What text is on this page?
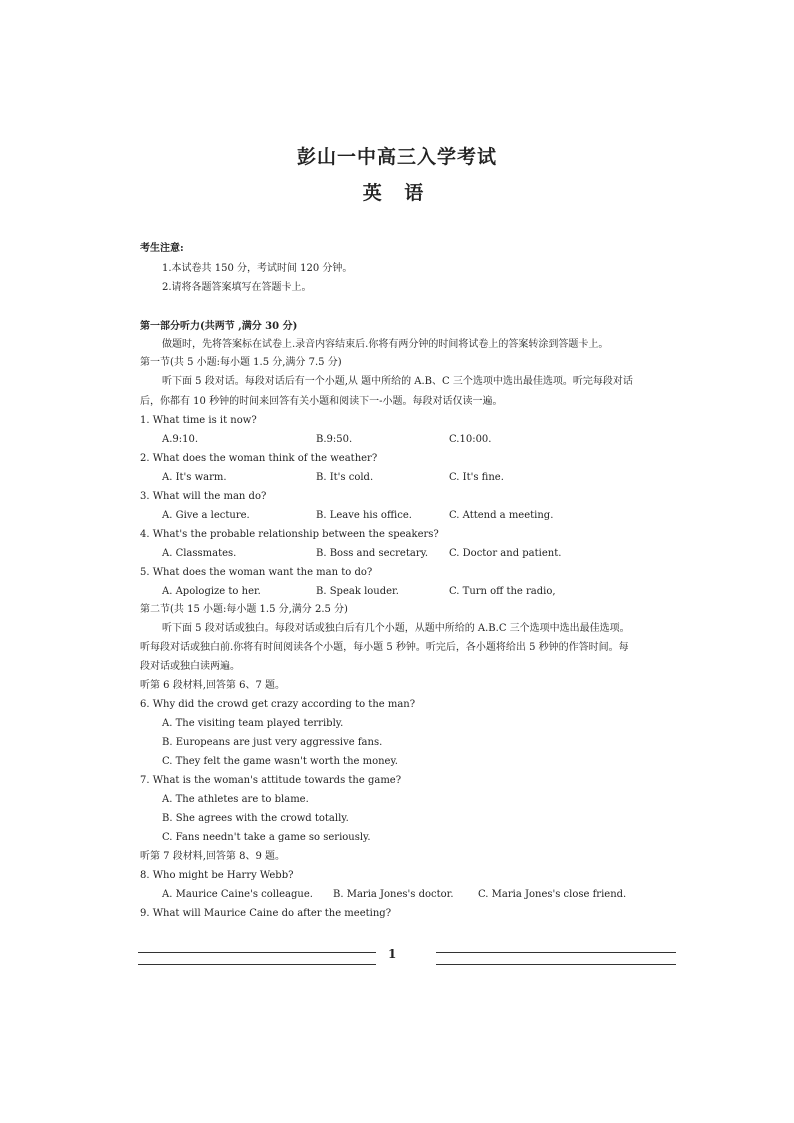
彭山一中高三入学考试
英 语
考生注意:
1.本试卷共 150 分，考试时间 120 分钟。
2.请将各题答案填写在答题卡上。
第一部分听力(共两节 ,满分 30 分)
做题时，先将答案标在试卷上.录音内容结束后.你将有两分钟的时间将试卷上的答案转涂到答题卡上。
第一节(共 5 小题:每小题 1.5 分,满分 7.5 分)
听下面 5 段对话。每段对话后有一个小题,从 题中所给的 A.B、C 三个选项中选出最佳选项。听完每段对话
后，你都有 10 秒钟的时间来回答有关小题和阅读下一-小题。每段对话仅读一遍。
1. What time is it now?
A.9:10.	B.9:50.	C.10:00.
2. What does the woman think of the weather?
A. It's warm.	B. It's cold.	C. It's fine.
3. What will the man do?
A. Give a lecture.	B. Leave his office.	C. Attend a meeting.
4. What's the probable relationship between the speakers?
A. Classmates.	B. Boss and secretary. C. Doctor and patient.
5. What does the woman want the man to do?
A. Apologize to her.	B. Speak louder.	C. Turn off the radio,
第二节(共 15 小题:每小题 1.5 分,满分 2.5 分)
听下面 5 段对话或独白。每段对话或独白后有几个小题，从题中所给的 A.B.C 三个选项中选出最佳选项。
听每段对话或独白前.你将有时间阅读各个小题，每小题 5 秒钟。听完后，各小题将给出 5 秒钟的作答时间。每
段对话或独白读两遍。
听第 6 段材料,回答第 6、7 题。
6. Why did the crowd get crazy according to the man?
A. The visiting team played terribly.
B. Europeans are just very aggressive fans.
C. They felt the game wasn't worth the money.
7. What is the woman's attitude towards the game?
A. The athletes are to blame.
B. She agrees with the crowd totally.
C. Fans needn't take a game so seriously.
听第 7 段材料,回答第 8、9 题。
8. Who might be Harry Webb?
A. Maurice Caine's colleague. B. Maria Jones's doctor. C. Maria Jones's close friend.
9. What will Maurice Caine do after the meeting?
1
